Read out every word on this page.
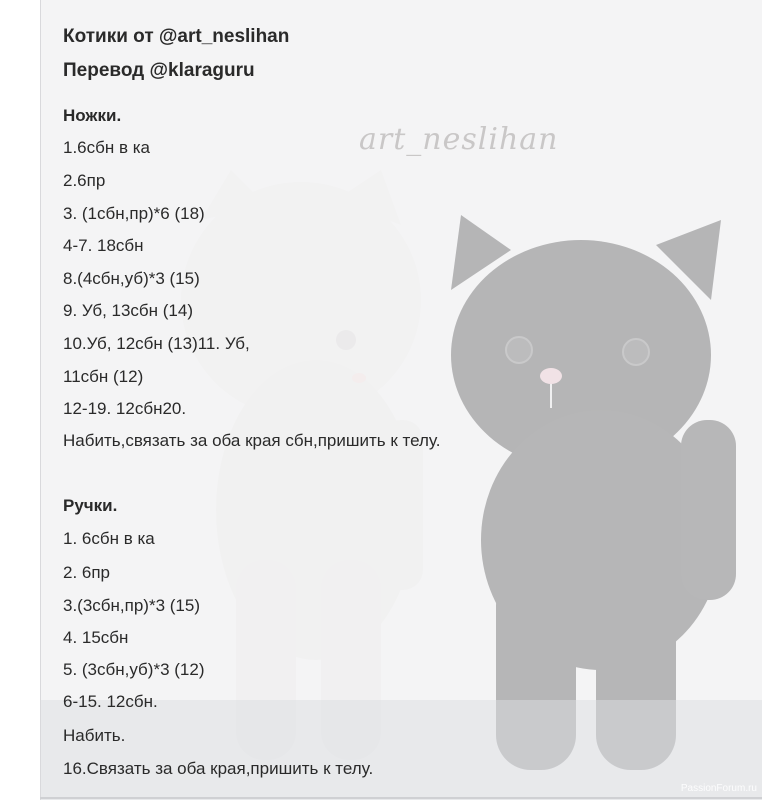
art_neslihan
Котики от @art_neslihan
Перевод @klaraguru
Ножки.
1.6сбн в ка
2.6пр
3. (1сбн,пр)*6 (18)
4-7. 18сбн
8.(4сбн,уб)*3 (15)
9. Уб, 13сбн (14)
10.Уб, 12сбн (13)11. Уб,
11сбн (12)
12-19. 12сбн20.
Набить,связать за оба края сбн,пришить к телу.
Ручки.
1. 6сбн в ка
2. 6пр
3.(3сбн,пр)*3 (15)
4. 15сбн
5. (3сбн,уб)*3 (12)
6-15. 12сбн.
Набить.
16.Связать за оба края,пришить к телу.
PassionForum.ru
